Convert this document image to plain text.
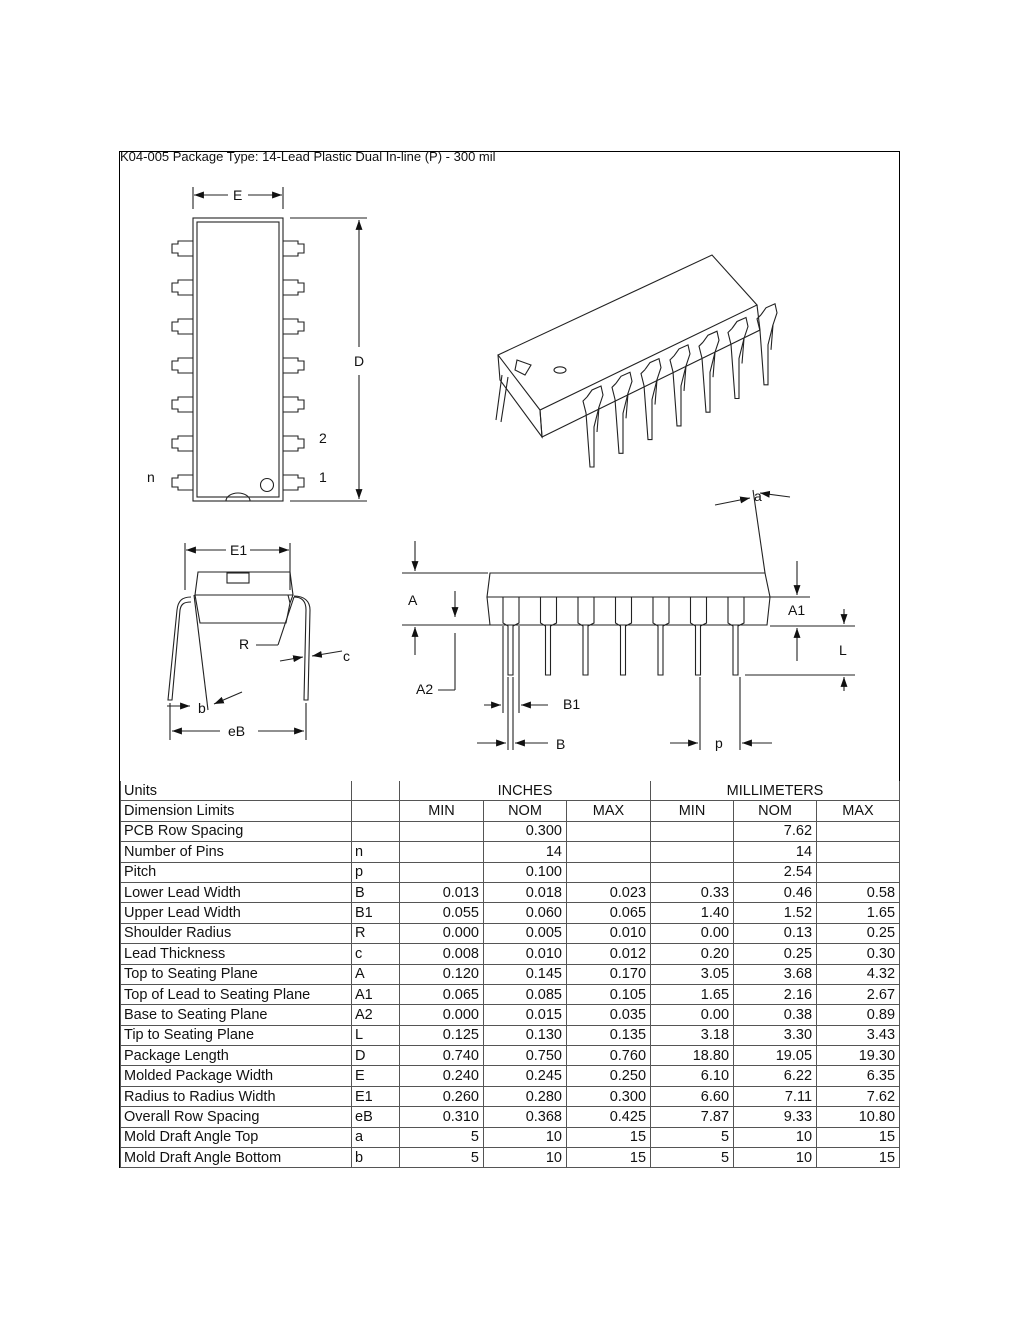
K04-005 Package Type: 14-Lead Plastic Dual In-line (P) - 300 mil
E
D
2
1
n
E1
R
c
b
eB
a
A
A1
L
A2
B1
B	p
Units		INCHES			MILLIMETERS		
Dimension Limits		MIN	NOM	MAX	MIN	NOM	MAX
PCB Row Spacing			0.300			7.62	
Number of Pins	n		14			14	
Pitch	p		0.100			2.54	
Lower Lead Width	B	0.013	0.018	0.023	0.33	0.46	0.58
Upper Lead Width	B1	0.055	0.060	0.065	1.40	1.52	1.65
Shoulder Radius	R	0.000	0.005	0.010	0.00	0.13	0.25
Lead Thickness	c	0.008	0.010	0.012	0.20	0.25	0.30
Top to Seating Plane	A	0.120	0.145	0.170	3.05	3.68	4.32
Top of Lead to Seating Plane	A1	0.065	0.085	0.105	1.65	2.16	2.67
Base to Seating Plane	A2	0.000	0.015	0.035	0.00	0.38	0.89
Tip to Seating Plane	L	0.125	0.130	0.135	3.18	3.30	3.43
Package Length	D	0.740	0.750	0.760	18.80	19.05	19.30
Molded Package Width	E	0.240	0.245	0.250	6.10	6.22	6.35
Radius to Radius Width	E1	0.260	0.280	0.300	6.60	7.11	7.62
Overall Row Spacing	eB	0.310	0.368	0.425	7.87	9.33	10.80
Mold Draft Angle Top	a	5	10	15	5	10	15
Mold Draft Angle Bottom	b	5	10	15	5	10	15
